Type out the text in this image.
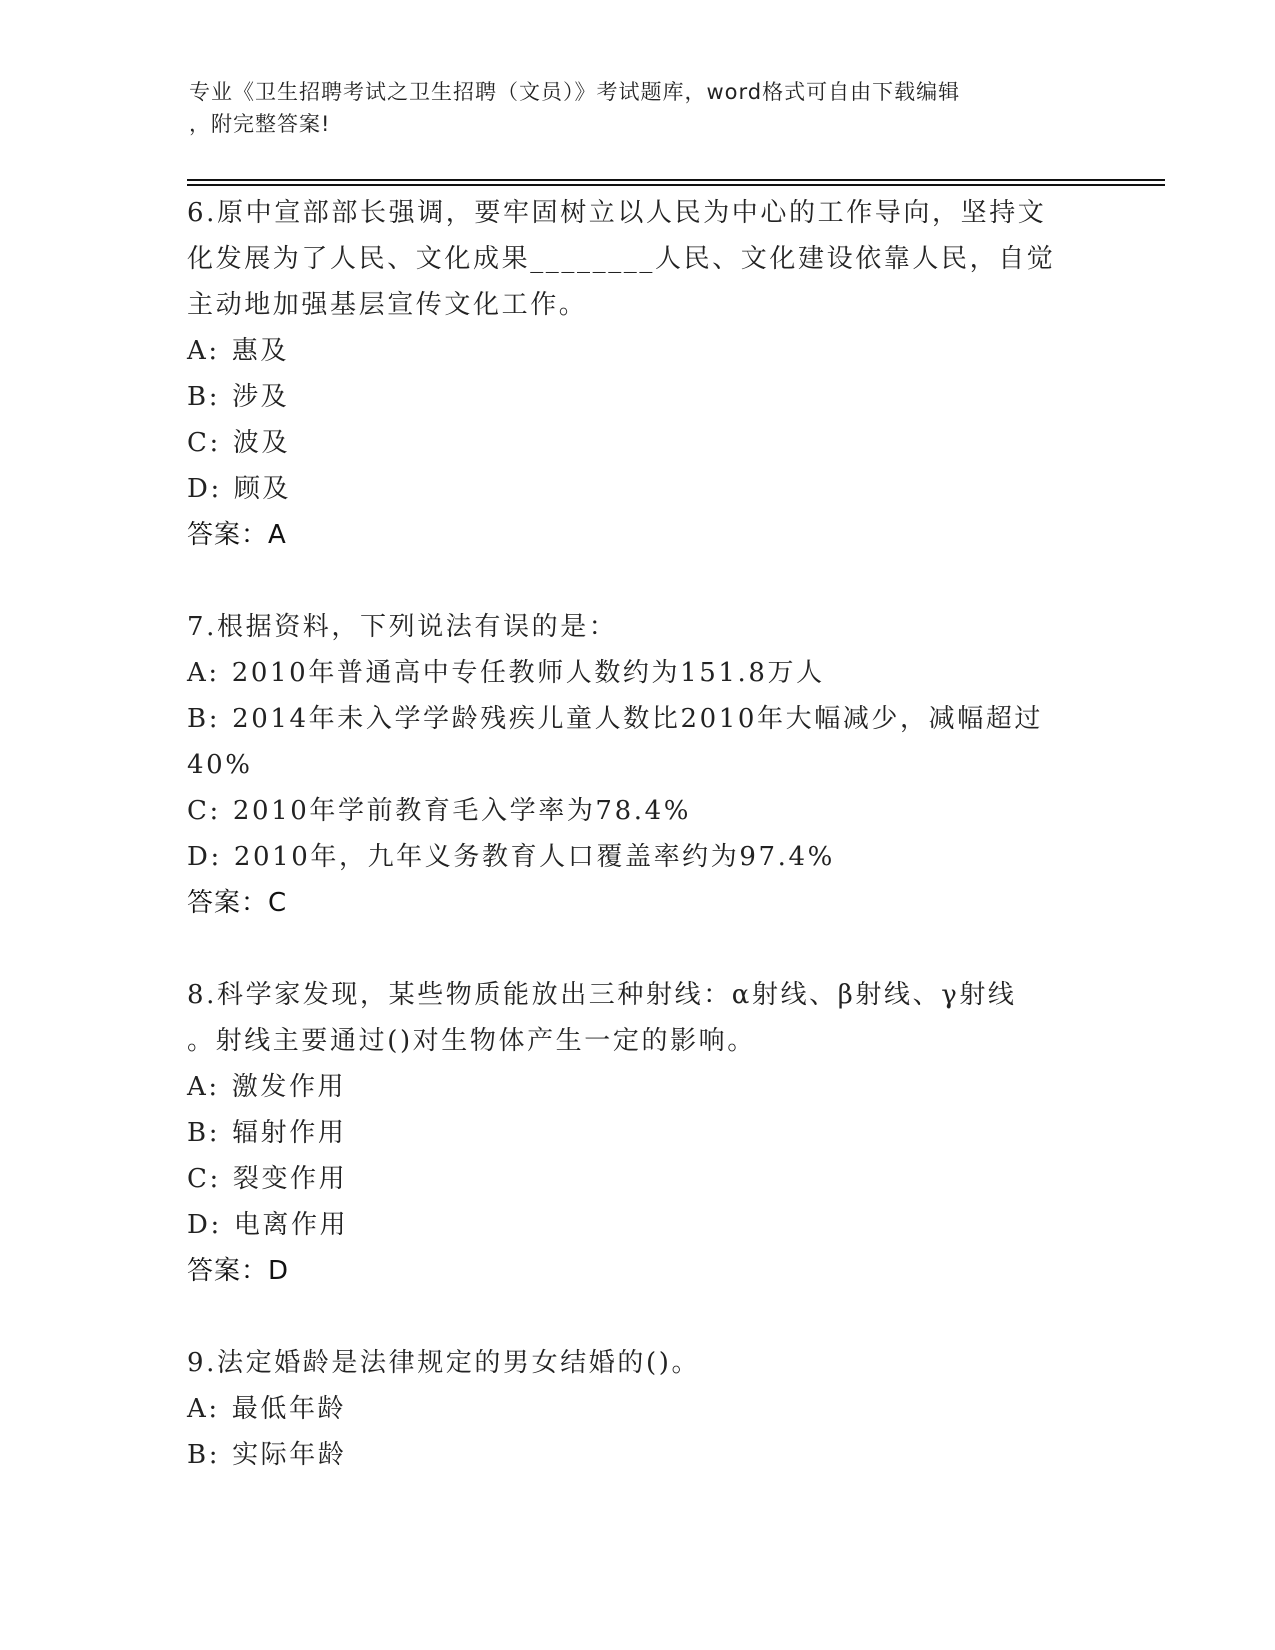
专业《卫生招聘考试之卫生招聘（文员）》考试题库，word格式可自由下载编辑
，附完整答案!

6.原中宣部部长强调，要牢固树立以人民为中心的工作导向，坚持文
化发展为了人民、文化成果________人民、文化建设依靠人民，自觉
主动地加强基层宣传文化工作。

A: 惠及

B: 涉及

C: 波及

D: 顾及

答案：A

7.根据资料，下列说法有误的是：

A: 2010年普通高中专任教师人数约为151.8万人

B: 2014年未入学学龄残疾儿童人数比2010年大幅减少，减幅超过

40%

C: 2010年学前教育毛入学率为78.4%

D: 2010年，九年义务教育人口覆盖率约为97.4%

答案：C

8.科学家发现，某些物质能放出三种射线：α射线、β射线、γ射线
。射线主要通过()对生物体产生一定的影响。

A: 激发作用

B: 辐射作用

C: 裂变作用

D: 电离作用

答案：D

9.法定婚龄是法律规定的男女结婚的()。

A: 最低年龄

B: 实际年龄
